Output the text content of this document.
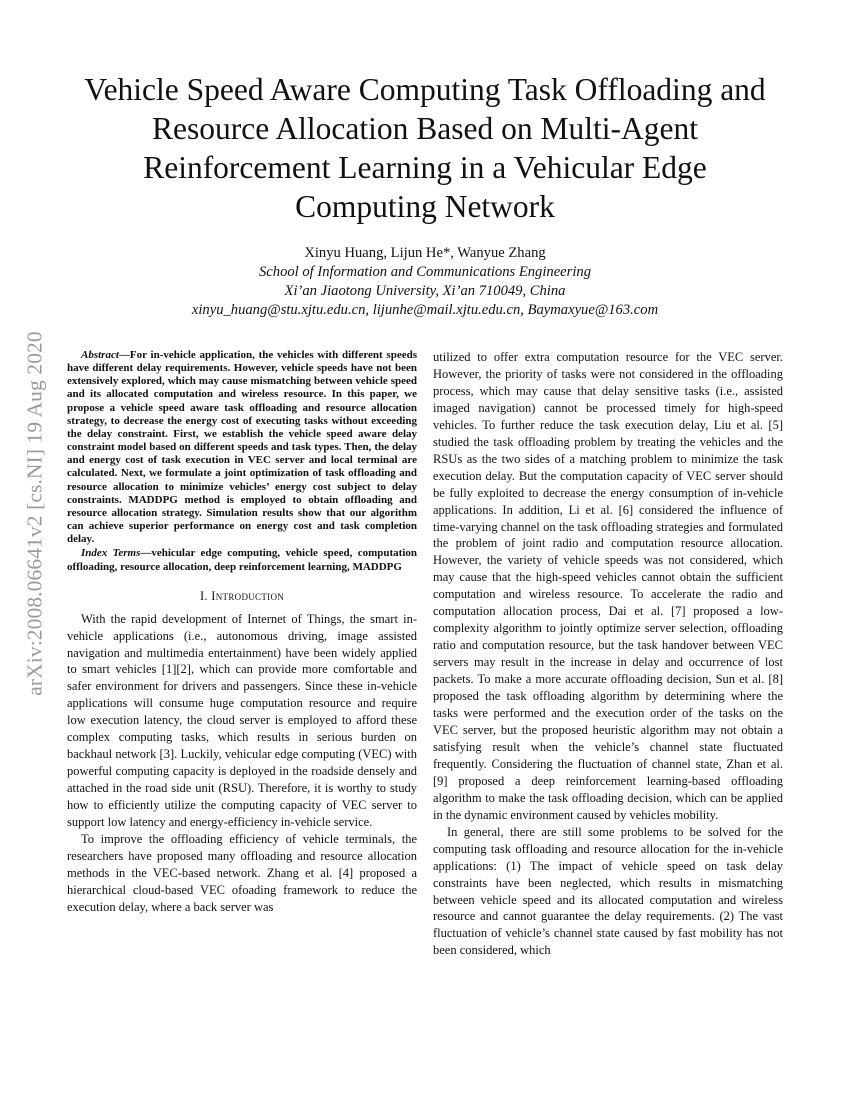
arXiv:2008.06641v2 [cs.NI] 19 Aug 2020
Vehicle Speed Aware Computing Task Offloading and Resource Allocation Based on Multi-Agent Reinforcement Learning in a Vehicular Edge Computing Network
Xinyu Huang, Lijun He*, Wanyue Zhang
School of Information and Communications Engineering
Xi’an Jiaotong University, Xi’an 710049, China
xinyu_huang@stu.xjtu.edu.cn, lijunhe@mail.xjtu.edu.cn, Baymaxyue@163.com

Abstract—For in-vehicle application, the vehicles with different speeds have different delay requirements. However, vehicle speeds have not been extensively explored, which may cause mismatching between vehicle speed and its allocated computation and wireless resource. In this paper, we propose a vehicle speed aware task offloading and resource allocation strategy, to decrease the energy cost of executing tasks without exceeding the delay constraint. First, we establish the vehicle speed aware delay constraint model based on different speeds and task types. Then, the delay and energy cost of task execution in VEC server and local terminal are calculated. Next, we formulate a joint optimization of task offloading and resource allocation to minimize vehicles’ energy cost subject to delay constraints. MADDPG method is employed to obtain offloading and resource allocation strategy. Simulation results show that our algorithm can achieve superior performance on energy cost and task completion delay.

Index Terms—vehicular edge computing, vehicle speed, computation offloading, resource allocation, deep reinforcement learning, MADDPG

I. Introduction

With the rapid development of Internet of Things, the smart in-vehicle applications (i.e., autonomous driving, image assisted navigation and multimedia entertainment) have been widely applied to smart vehicles [1][2], which can provide more comfortable and safer environment for drivers and passengers. Since these in-vehicle applications will consume huge computation resource and require low execution latency, the cloud server is employed to afford these complex computing tasks, which results in serious burden on backhaul network [3]. Luckily, vehicular edge computing (VEC) with powerful computing capacity is deployed in the roadside densely and attached in the road side unit (RSU). Therefore, it is worthy to study how to efficiently utilize the computing capacity of VEC server to support low latency and energy-efficiency in-vehicle service.

To improve the offloading efficiency of vehicle terminals, the researchers have proposed many offloading and resource allocation methods in the VEC-based network. Zhang et al. [4] proposed a hierarchical cloud-based VEC ofoading framework to reduce the execution delay, where a back server was

utilized to offer extra computation resource for the VEC server. However, the priority of tasks were not considered in the offloading process, which may cause that delay sensitive tasks (i.e., assisted imaged navigation) cannot be processed timely for high-speed vehicles. To further reduce the task execution delay, Liu et al. [5] studied the task offloading problem by treating the vehicles and the RSUs as the two sides of a matching problem to minimize the task execution delay. But the computation capacity of VEC server should be fully exploited to decrease the energy consumption of in-vehicle applications. In addition, Li et al. [6] considered the influence of time-varying channel on the task offloading strategies and formulated the problem of joint radio and computation resource allocation. However, the variety of vehicle speeds was not considered, which may cause that the high-speed vehicles cannot obtain the sufficient computation and wireless resource. To accelerate the radio and computation allocation process, Dai et al. [7] proposed a low-complexity algorithm to jointly optimize server selection, offloading ratio and computation resource, but the task handover between VEC servers may result in the increase in delay and occurrence of lost packets. To make a more accurate offloading decision, Sun et al. [8] proposed the task offloading algorithm by determining where the tasks were performed and the execution order of the tasks on the VEC server, but the proposed heuristic algorithm may not obtain a satisfying result when the vehicle’s channel state fluctuated frequently. Considering the fluctuation of channel state, Zhan et al. [9] proposed a deep reinforcement learning-based offloading algorithm to make the task offloading decision, which can be applied in the dynamic environment caused by vehicles mobility.

In general, there are still some problems to be solved for the computing task offloading and resource allocation for the in-vehicle applications: (1) The impact of vehicle speed on task delay constraints have been neglected, which results in mismatching between vehicle speed and its allocated computation and wireless resource and cannot guarantee the delay requirements. (2) The vast fluctuation of vehicle’s channel state caused by fast mobility has not been considered, which
